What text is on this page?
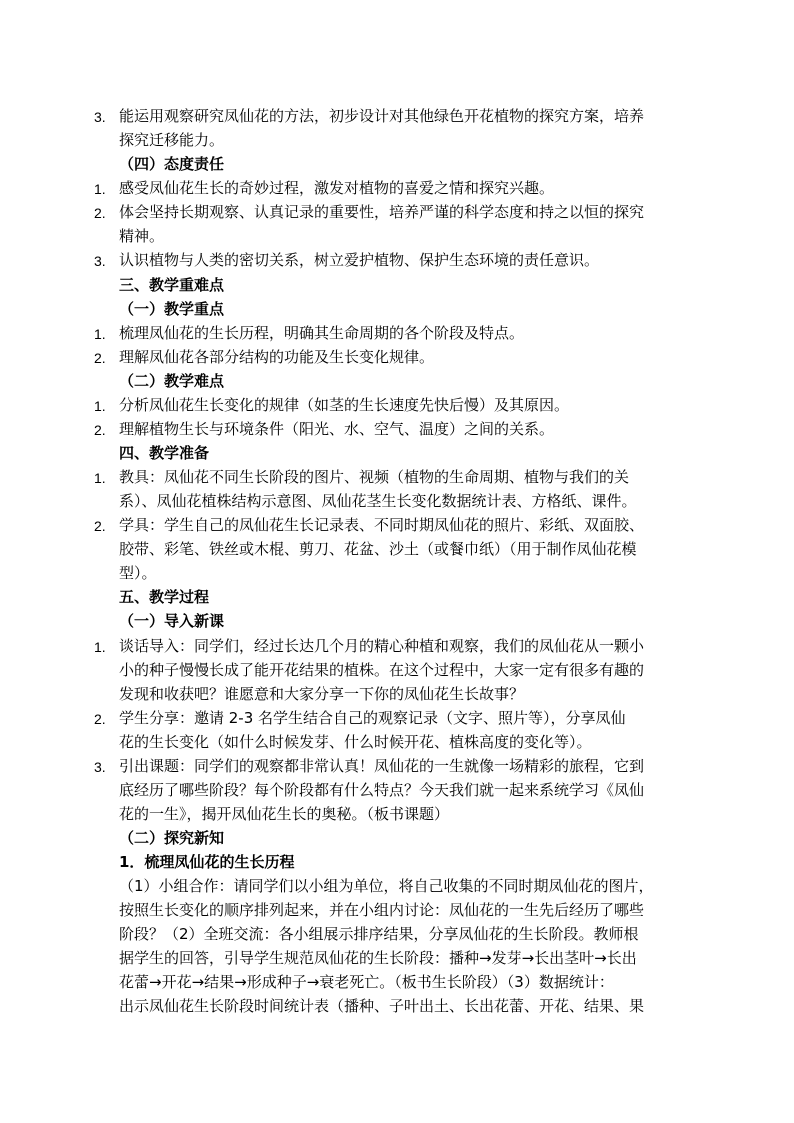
3. 能运用观察研究凤仙花的方法，初步设计对其他绿色开花植物的探究方案，培养
探究迁移能力。
（四）态度责任
1. 感受凤仙花生长的奇妙过程，激发对植物的喜爱之情和探究兴趣。
2. 体会坚持长期观察、认真记录的重要性，培养严谨的科学态度和持之以恒的探究
精神。
3. 认识植物与人类的密切关系，树立爱护植物、保护生态环境的责任意识。
三、教学重难点
（一）教学重点
1. 梳理凤仙花的生长历程，明确其生命周期的各个阶段及特点。
2. 理解凤仙花各部分结构的功能及生长变化规律。
（二）教学难点
1. 分析凤仙花生长变化的规律（如茎的生长速度先快后慢）及其原因。
2. 理解植物生长与环境条件（阳光、水、空气、温度）之间的关系。
四、教学准备
1. 教具：凤仙花不同生长阶段的图片、视频（植物的生命周期、植物与我们的关
系）、凤仙花植株结构示意图、凤仙花茎生长变化数据统计表、方格纸、课件。
2. 学具：学生自己的凤仙花生长记录表、不同时期凤仙花的照片、彩纸、双面胶、
胶带、彩笔、铁丝或木棍、剪刀、花盆、沙土（或餐巾纸）（用于制作凤仙花模
型）。
五、教学过程
（一）导入新课
1. 谈话导入：同学们，经过长达几个月的精心种植和观察，我们的凤仙花从一颗小
小的种子慢慢长成了能开花结果的植株。在这个过程中，大家一定有很多有趣的
发现和收获吧？谁愿意和大家分享一下你的凤仙花生长故事？
2. 学生分享：邀请 2-3 名学生结合自己的观察记录（文字、照片等），分享凤仙
花的生长变化（如什么时候发芽、什么时候开花、植株高度的变化等）。
3. 引出课题：同学们的观察都非常认真！凤仙花的一生就像一场精彩的旅程，它到
底经历了哪些阶段？每个阶段都有什么特点？今天我们就一起来系统学习《凤仙
花的一生》，揭开凤仙花生长的奥秘。（板书课题）
（二）探究新知
1．梳理凤仙花的生长历程
（1）小组合作：请同学们以小组为单位，将自己收集的不同时期凤仙花的图片，
按照生长变化的顺序排列起来，并在小组内讨论：凤仙花的一生先后经历了哪些
阶段？（2）全班交流：各小组展示排序结果，分享凤仙花的生长阶段。教师根
据学生的回答，引导学生规范凤仙花的生长阶段：播种→发芽→长出茎叶→长出
花蕾→开花→结果→形成种子→衰老死亡。（板书生长阶段）（3）数据统计：
出示凤仙花生长阶段时间统计表（播种、子叶出土、长出花蕾、开花、结果、果
